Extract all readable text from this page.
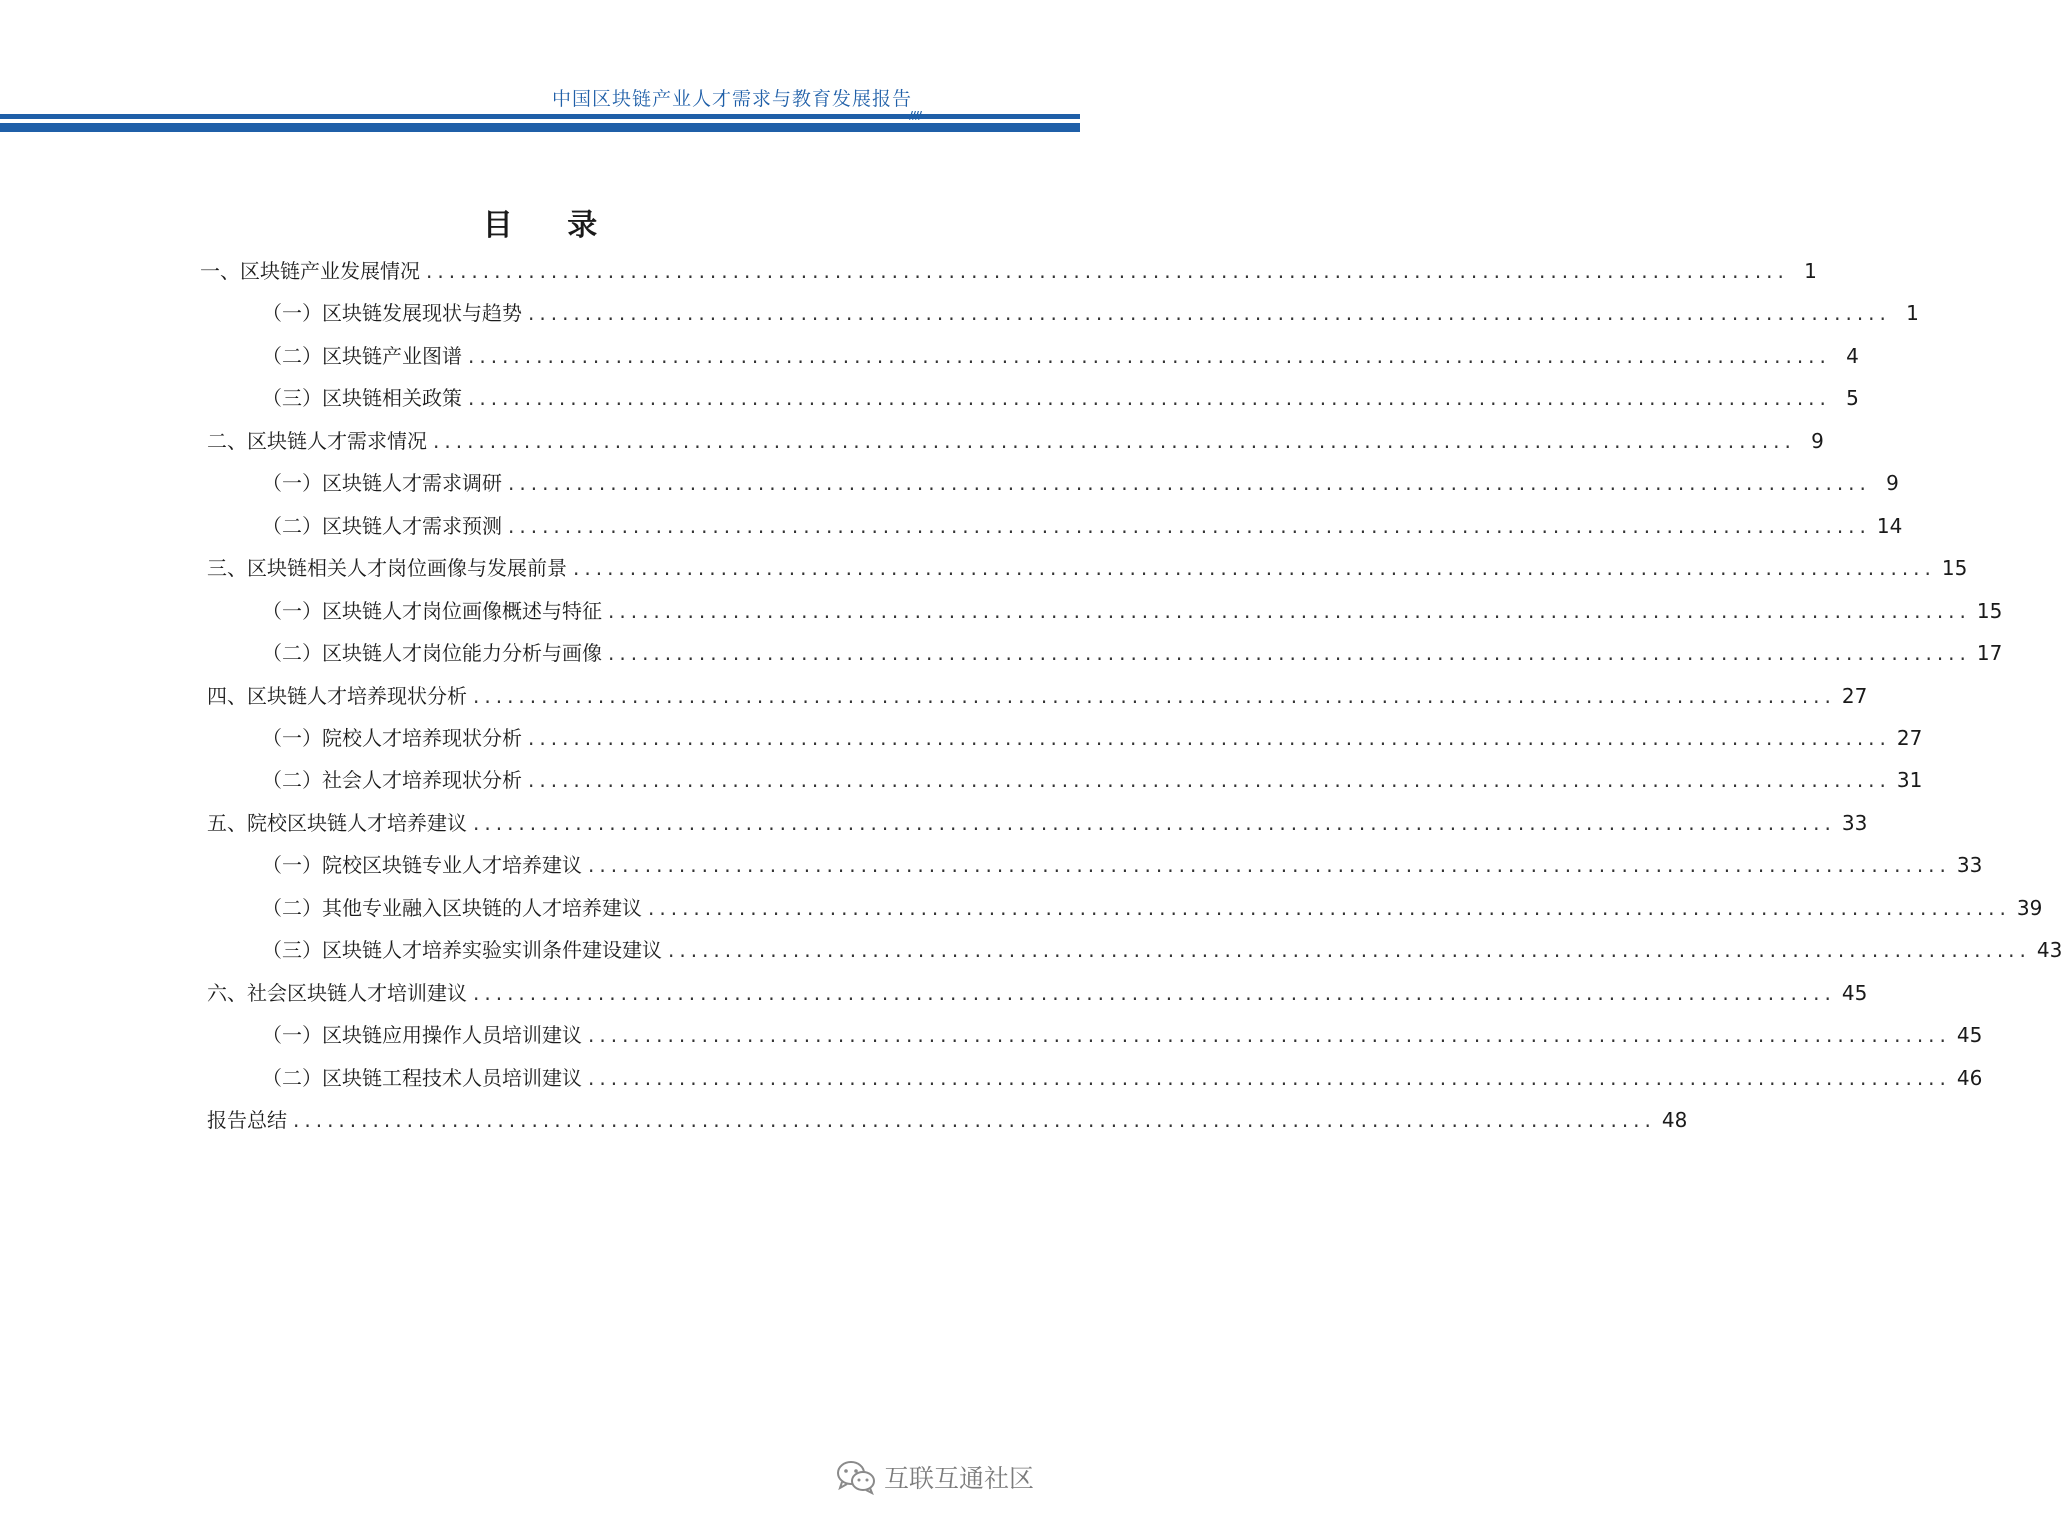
中国区块链产业人才需求与教育发展报告
目 录
一、 区块链产业发展情况 ........................................................................................................................ 1
（一） 区块链发展现状与趋势 ........................................................................................................................ 1
（二） 区块链产业图谱 ........................................................................................................................ 4
（三） 区块链相关政策 ........................................................................................................................ 5
二、 区块链人才需求情况 ........................................................................................................................ 9
（一） 区块链人才需求调研 ........................................................................................................................ 9
（二） 区块链人才需求预测 ........................................................................................................................ 14
三、 区块链相关人才岗位画像与发展前景 ........................................................................................................................ 15
（一） 区块链人才岗位画像概述与特征 ........................................................................................................................ 15
（二） 区块链人才岗位能力分析与画像 ........................................................................................................................ 17
四、 区块链人才培养现状分析 ........................................................................................................................ 27
（一） 院校人才培养现状分析 ........................................................................................................................ 27
（二） 社会人才培养现状分析 ........................................................................................................................ 31
五、 院校区块链人才培养建议 ........................................................................................................................ 33
（一） 院校区块链专业人才培养建议 ........................................................................................................................ 33
（二） 其他专业融入区块链的人才培养建议 ........................................................................................................................ 39
（三） 区块链人才培养实验实训条件建设建议 ........................................................................................................................ 43
六、 社会区块链人才培训建议 ........................................................................................................................ 45
（一） 区块链应用操作人员培训建议 ........................................................................................................................ 45
（二） 区块链工程技术人员培训建议 ........................................................................................................................ 46
报告总结 ........................................................................................................................ 48
互联互通社区
